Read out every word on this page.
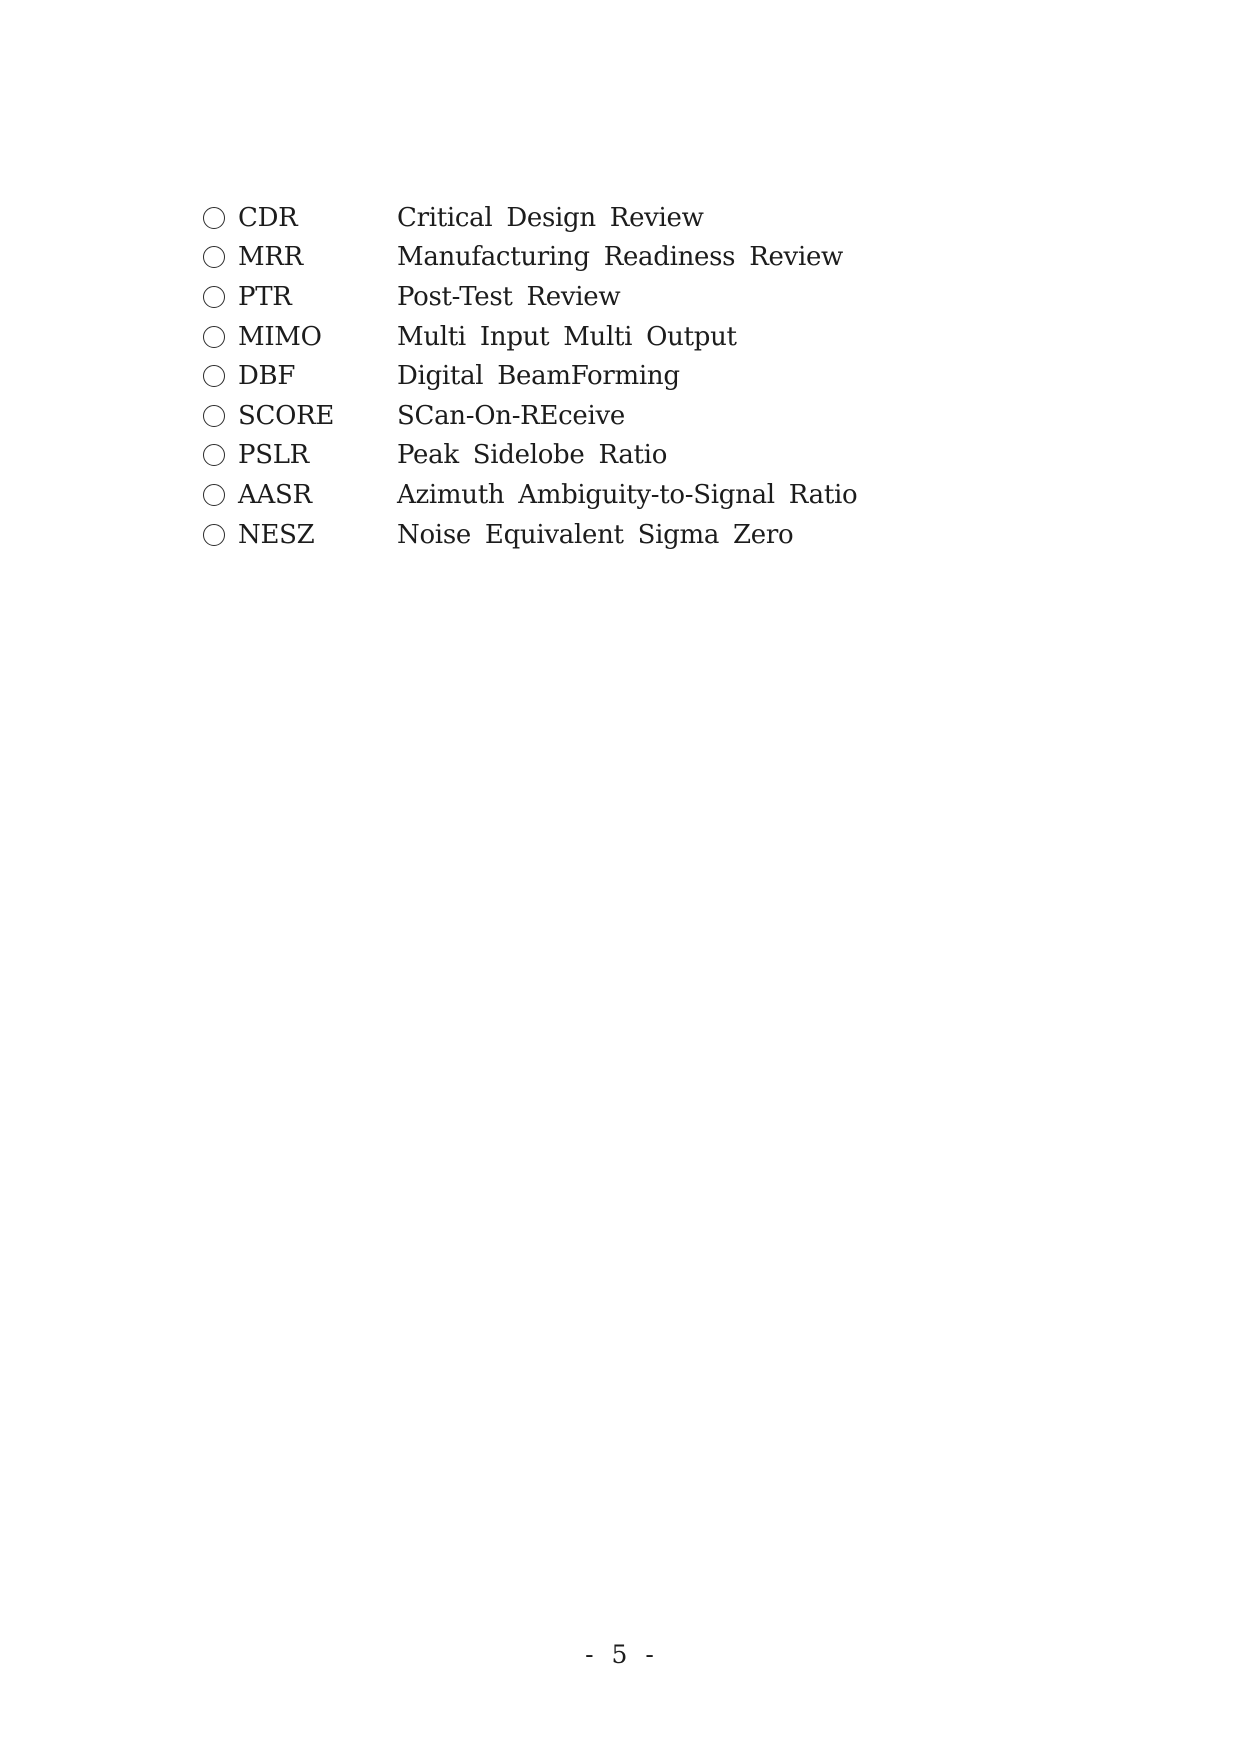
CDR	Critical Design Review
MRR	Manufacturing Readiness Review
PTR	Post-Test Review
MIMO	Multi Input Multi Output
DBF	Digital BeamForming
SCORE	SCan-On-REceive
PSLR	Peak Sidelobe Ratio
AASR	Azimuth Ambiguity-to-Signal Ratio
NESZ	Noise Equivalent Sigma Zero
- 5 -
